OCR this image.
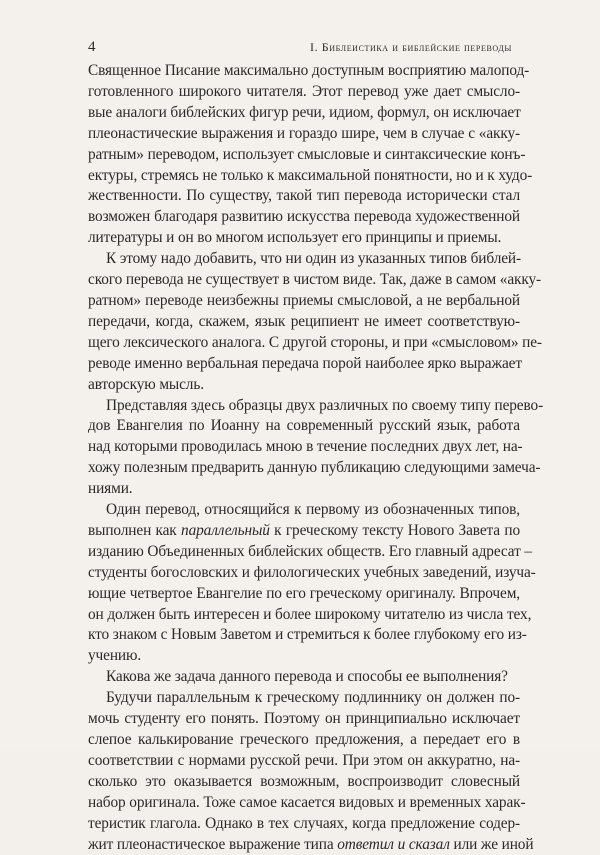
4	I. Библеистика и библейские переводы
Священное Писание максимально доступным восприятию малопод-
готовленного широкого читателя. Этот перевод уже дает смысло-
вые аналоги библейских фигур речи, идиом, формул, он исключает
плеонастические выражения и гораздо шире, чем в случае с «акку-
ратным» переводом, использует смысловые и синтаксические конъ-
ектуры, стремясь не только к максимальной понятности, но и к худо-
жественности. По существу, такой тип перевода исторически стал
возможен благодаря развитию искусства перевода художественной
литературы и он во многом использует его принципы и приемы.
К этому надо добавить, что ни один из указанных типов библей-
ского перевода не существует в чистом виде. Так, даже в самом «акку-
ратном» переводе неизбежны приемы смысловой, а не вербальной
передачи, когда, скажем, язык реципиент не имеет соответствую-
щего лексического аналога. С другой стороны, и при «смысловом» пе-
реводе именно вербальная передача порой наиболее ярко выражает
авторскую мысль.
Представляя здесь образцы двух различных по своему типу перево-
дов Евангелия по Иоанну на современный русский язык, работа
над которыми проводилась мною в течение последних двух лет, на-
хожу полезным предварить данную публикацию следующими замеча-
ниями.
Один перевод, относящийся к первому из обозначенных типов,
выполнен как параллельный к греческому тексту Нового Завета по
изданию Объединенных библейских обществ. Его главный адресат –
студенты богословских и филологических учебных заведений, изучa-
ющие четвертое Евангелие по его греческому оригиналу. Впрочем,
он должен быть интересен и более широкому читателю из числа тех,
кто знаком с Новым Заветом и стремиться к более глубокому его из-
учению.
Какова же задача данного перевода и способы ее выполнения?
Будучи параллельным к греческому подлиннику он должен по-
мочь студенту его понять. Поэтому он принципиально исключает
слепое калькирование греческого предложения, а передает его в
соответствии с нормами русской речи. При этом он аккуратно, на-
сколько это оказывается возможным, воспроизводит словесный
набор оригинала. Тоже самое касается видовых и временных харак-
теристик глагола. Однако в тех случаях, когда предложение содер-
жит плеонастическое выражение типа ответил и сказал или же иной
